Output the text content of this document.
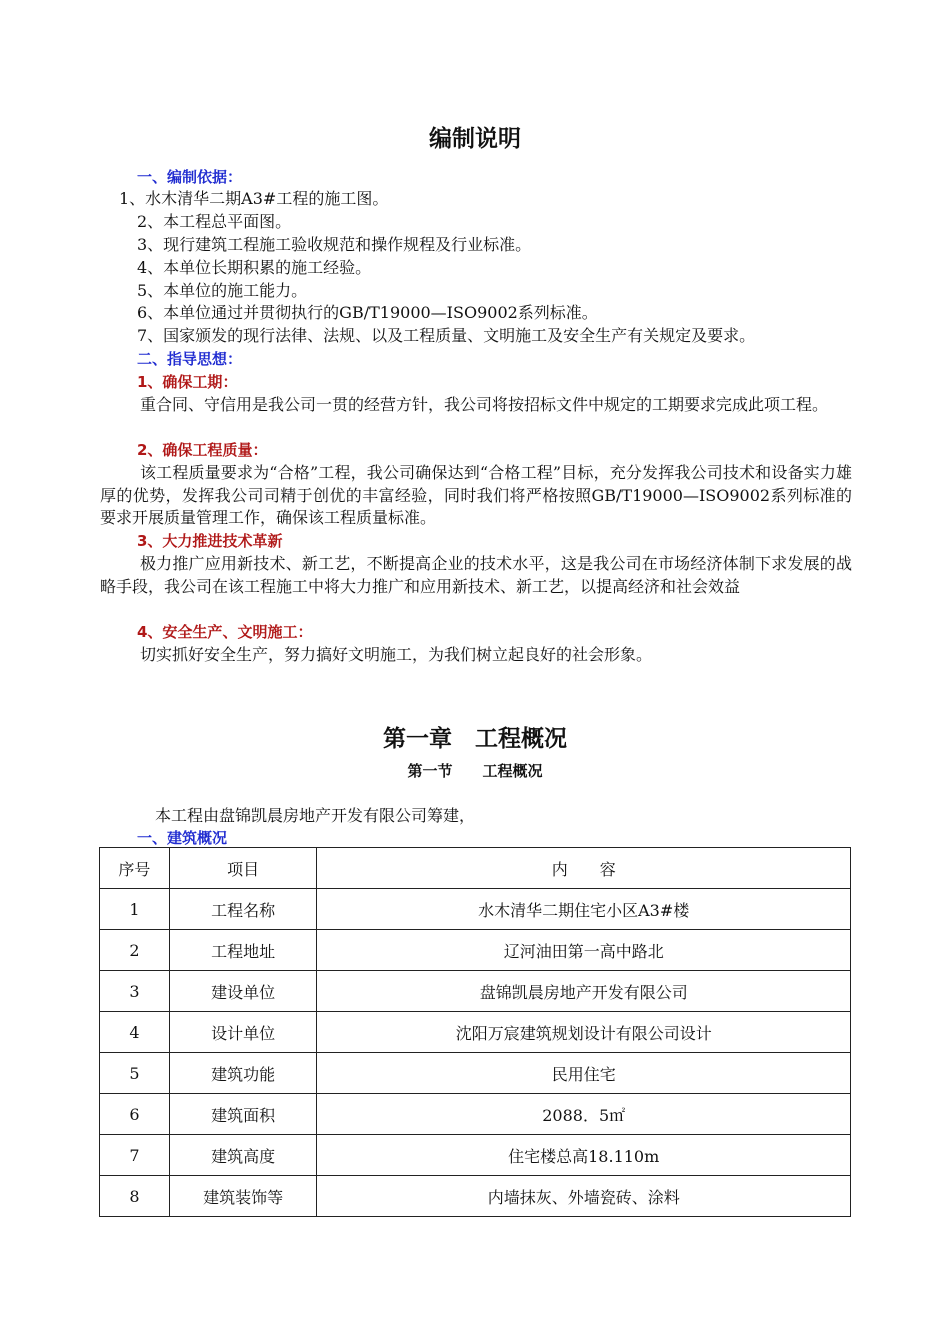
编制说明
一、编制依据：
1、水木清华二期A3#工程的施工图。
2、本工程总平面图。
3、现行建筑工程施工验收规范和操作规程及行业标准。
4、本单位长期积累的施工经验。
5、本单位的施工能力。
6、本单位通过并贯彻执行的GB/T19000—ISO9002系列标准。
7、国家颁发的现行法律、法规、以及工程质量、文明施工及安全生产有关规定及要求。
二、指导思想：
1、确保工期：
重合同、守信用是我公司一贯的经营方针，我公司将按招标文件中规定的工期要求完成此项工程。
2、确保工程质量：
该工程质量要求为“合格”工程，我公司确保达到“合格工程”目标，充分发挥我公司技术和设备实力雄厚的优势，发挥我公司司精于创优的丰富经验，同时我们将严格按照GB/T19000—ISO9002系列标准的要求开展质量管理工作，确保该工程质量标准。
3、大力推进技术革新
极力推广应用新技术、新工艺，不断提高企业的技术水平，这是我公司在市场经济体制下求发展的战略手段，我公司在该工程施工中将大力推广和应用新技术、新工艺，以提高经济和社会效益
4、安全生产、文明施工：
切实抓好安全生产，努力搞好文明施工，为我们树立起良好的社会形象。
第一章　工程概况
第一节　　工程概况
本工程由盘锦凯晨房地产开发有限公司筹建，
一、建筑概况
序号	项目	内　　容
1	工程名称	水木清华二期住宅小区A3#楼
2	工程地址	辽河油田第一高中路北
3	建设单位	盘锦凯晨房地产开发有限公司
4	设计单位	沈阳万宸建筑规划设计有限公司设计
5	建筑功能	民用住宅
6	建筑面积	2088．5㎡
7	建筑高度	住宅楼总高18.110m
8	建筑装饰等	内墙抹灰、外墙瓷砖、涂料
